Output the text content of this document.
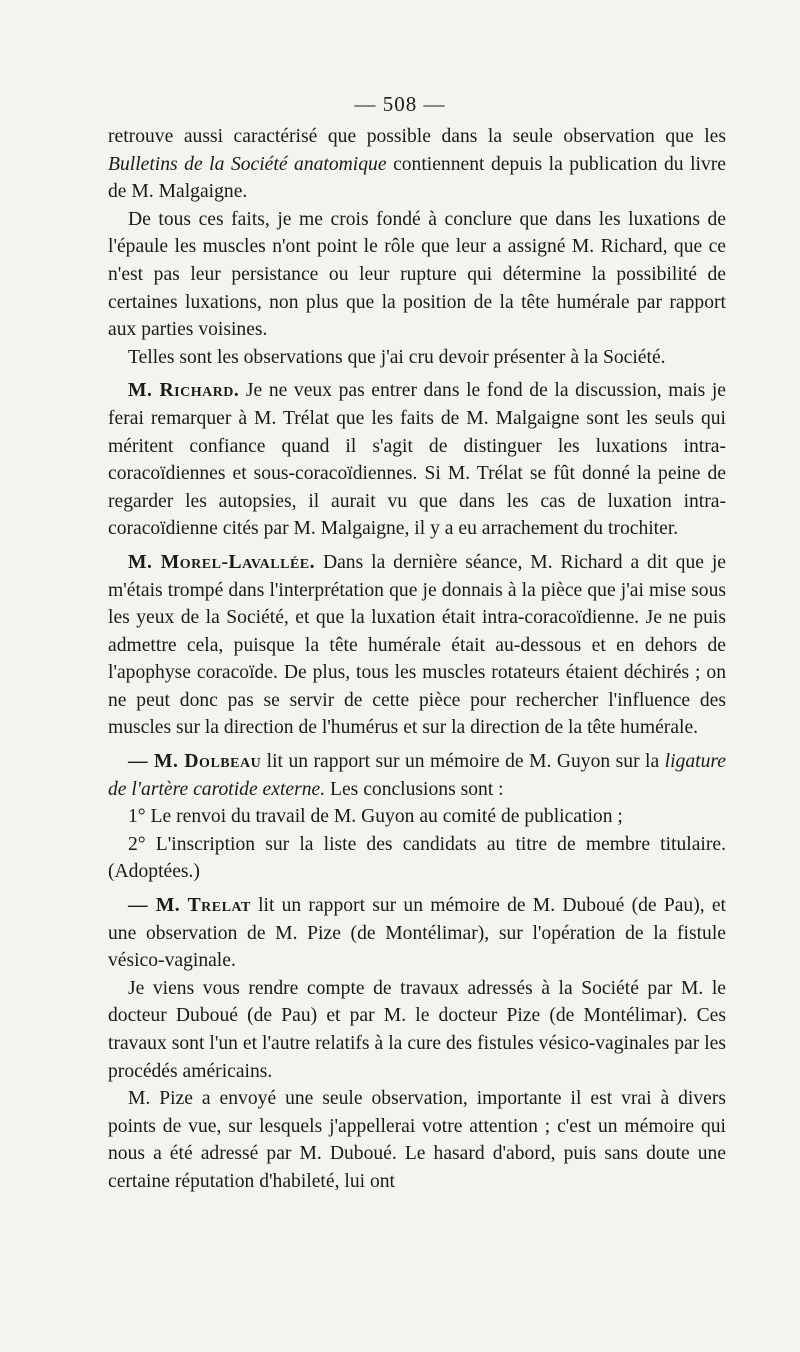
— 508 —

retrouve aussi caractérisé que possible dans la seule observation que les Bulletins de la Société anatomique contiennent depuis la publication du livre de M. Malgaigne.

De tous ces faits, je me crois fondé à conclure que dans les luxations de l'épaule les muscles n'ont point le rôle que leur a assigné M. Richard, que ce n'est pas leur persistance ou leur rupture qui détermine la possibilité de certaines luxations, non plus que la position de la tête humérale par rapport aux parties voisines.

Telles sont les observations que j'ai cru devoir présenter à la Société.

M. Richard. Je ne veux pas entrer dans le fond de la discussion, mais je ferai remarquer à M. Trélat que les faits de M. Malgaigne sont les seuls qui méritent confiance quand il s'agit de distinguer les luxations intra-coracoïdiennes et sous-coracoïdiennes. Si M. Trélat se fût donné la peine de regarder les autopsies, il aurait vu que dans les cas de luxation intra-coracoïdienne cités par M. Malgaigne, il y a eu arrachement du trochiter.

M. Morel-Lavallée. Dans la dernière séance, M. Richard a dit que je m'étais trompé dans l'interprétation que je donnais à la pièce que j'ai mise sous les yeux de la Société, et que la luxation était intra-coracoïdienne. Je ne puis admettre cela, puisque la tête humérale était au-dessous et en dehors de l'apophyse coracoïde. De plus, tous les muscles rotateurs étaient déchirés ; on ne peut donc pas se servir de cette pièce pour rechercher l'influence des muscles sur la direction de l'humérus et sur la direction de la tête humérale.

— M. Dolbeau lit un rapport sur un mémoire de M. Guyon sur la ligature de l'artère carotide externe. Les conclusions sont :

1° Le renvoi du travail de M. Guyon au comité de publication ;

2° L'inscription sur la liste des candidats au titre de membre titulaire. (Adoptées.)

— M. Trelat lit un rapport sur un mémoire de M. Duboué (de Pau), et une observation de M. Pize (de Montélimar), sur l'opération de la fistule vésico-vaginale.

Je viens vous rendre compte de travaux adressés à la Société par M. le docteur Duboué (de Pau) et par M. le docteur Pize (de Montélimar). Ces travaux sont l'un et l'autre relatifs à la cure des fistules vésico-vaginales par les procédés américains.

M. Pize a envoyé une seule observation, importante il est vrai à divers points de vue, sur lesquels j'appellerai votre attention ; c'est un mémoire qui nous a été adressé par M. Duboué. Le hasard d'abord, puis sans doute une certaine réputation d'habileté, lui ont
